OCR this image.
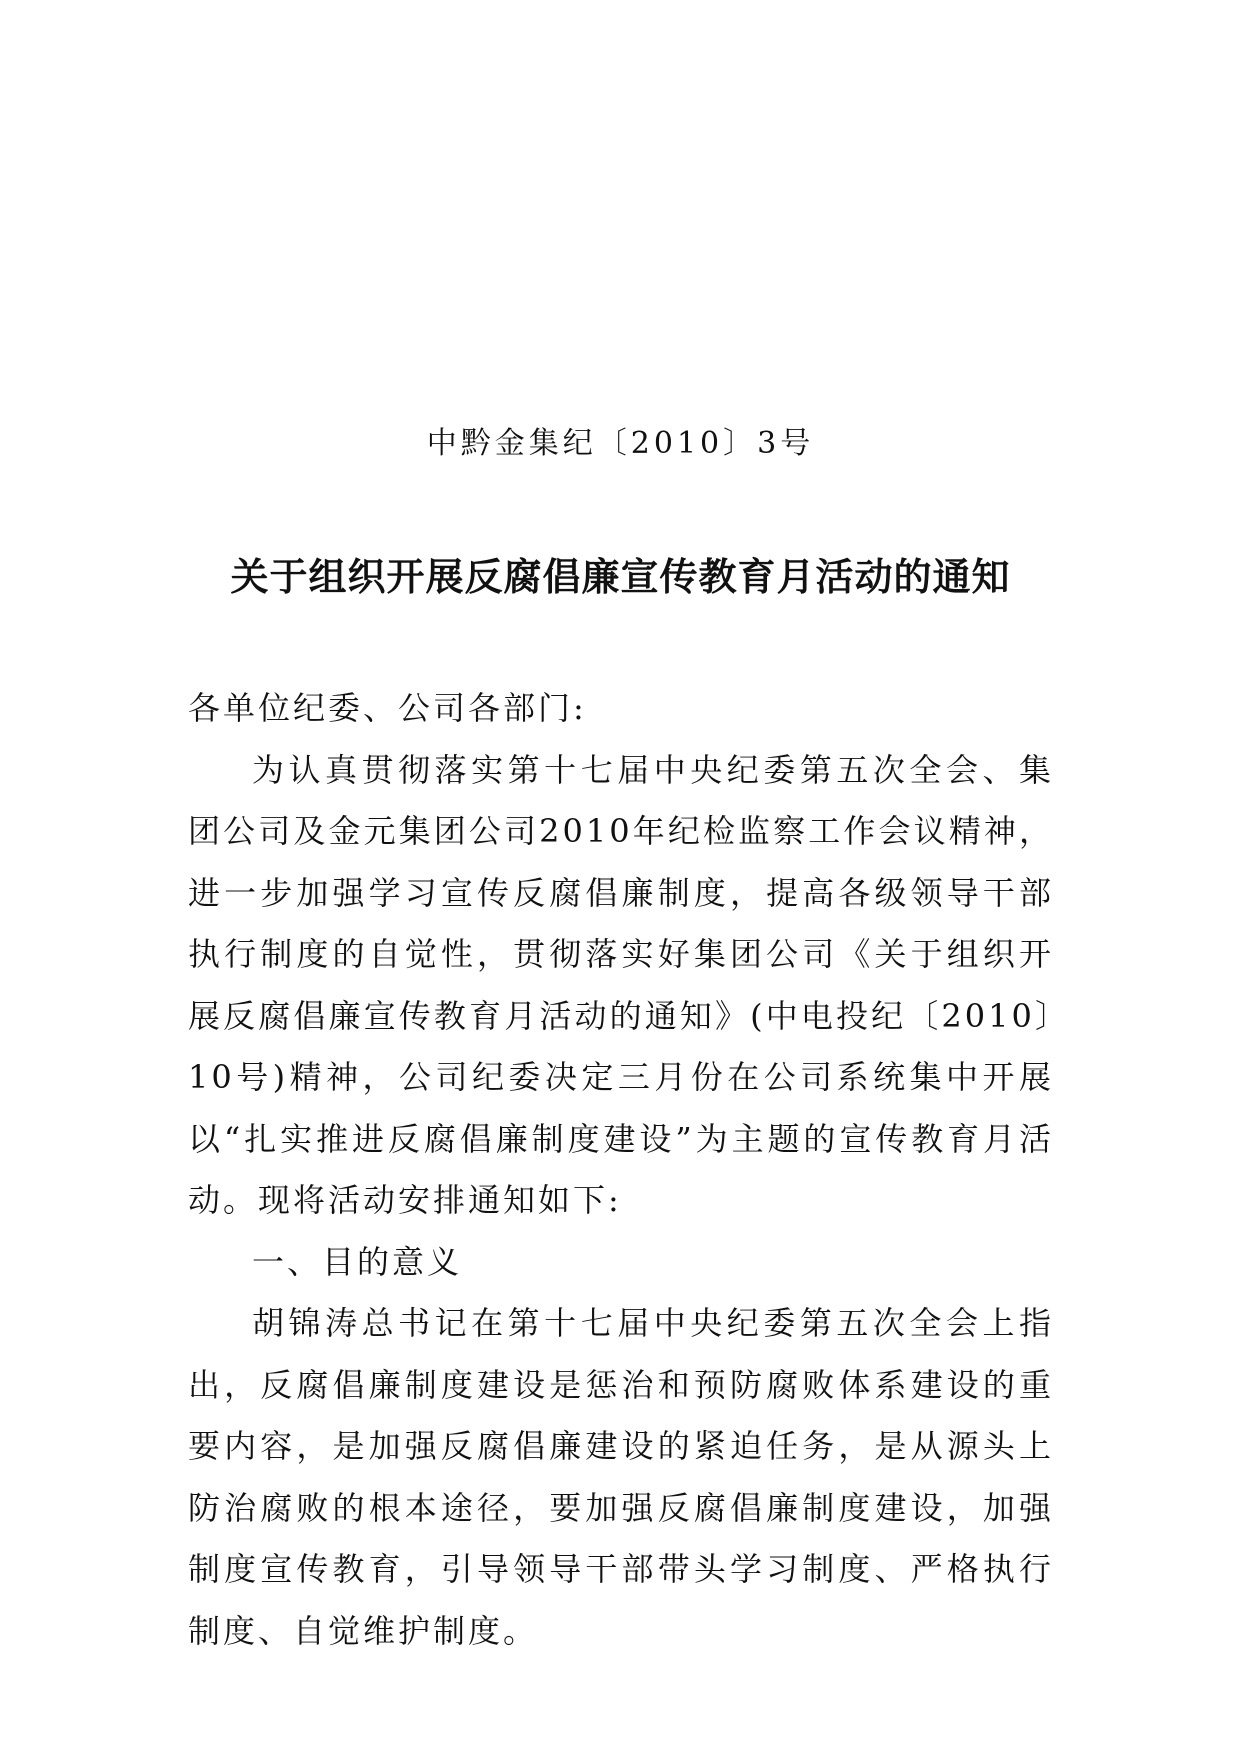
中黔金集纪〔2010〕3号
关于组织开展反腐倡廉宣传教育月活动的通知

各单位纪委、公司各部门:

为认真贯彻落实第十七届中央纪委第五次全会、集团公司及金元集团公司2010年纪检监察工作会议精神，进一步加强学习宣传反腐倡廉制度，提高各级领导干部执行制度的自觉性，贯彻落实好集团公司《关于组织开展反腐倡廉宣传教育月活动的通知》(中电投纪〔2010〕10号)精神，公司纪委决定三月份在公司系统集中开展以“扎实推进反腐倡廉制度建设”为主题的宣传教育月活动。现将活动安排通知如下:

一、目的意义

胡锦涛总书记在第十七届中央纪委第五次全会上指出，反腐倡廉制度建设是惩治和预防腐败体系建设的重要内容，是加强反腐倡廉建设的紧迫任务，是从源头上防治腐败的根本途径，要加强反腐倡廉制度建设，加强制度宣传教育，引导领导干部带头学习制度、严格执行制度、自觉维护制度。
